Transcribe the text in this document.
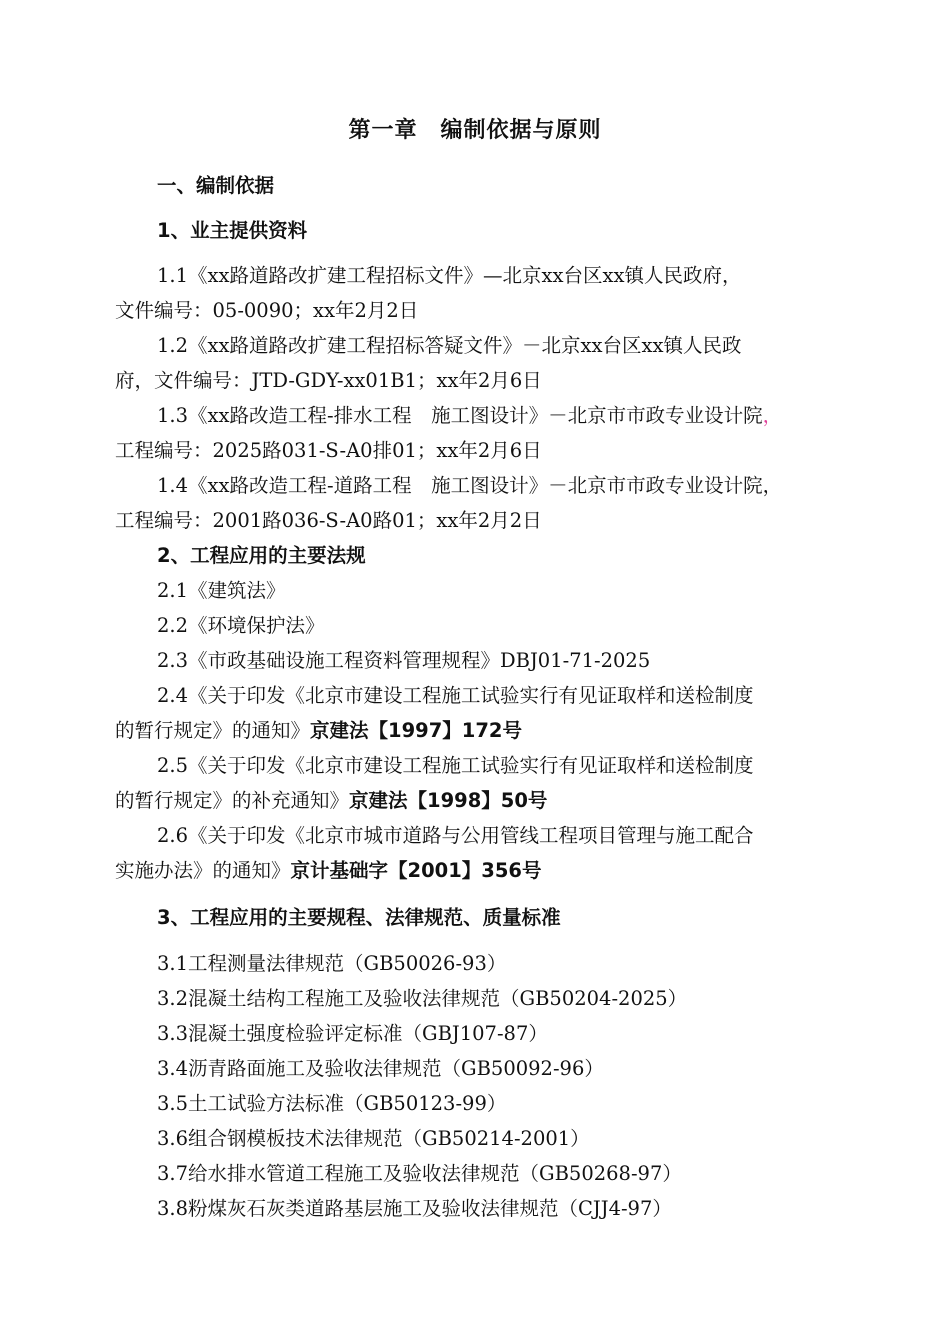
第一章　编制依据与原则
一、编制依据
1、业主提供资料
1.1《xx路道路改扩建工程招标文件》—北京xx台区xx镇人民政府，
文件编号：05-0090；xx年2月2日
1.2《xx路道路改扩建工程招标答疑文件》－北京xx台区xx镇人民政
府，文件编号：JTD-GDY-xx01B1；xx年2月6日
1.3《xx路改造工程-排水工程　施工图设计》－北京市市政专业设计院，
工程编号：2025路031-S-A0排01；xx年2月6日
1.4《xx路改造工程-道路工程　施工图设计》－北京市市政专业设计院，
工程编号：2001路036-S-A0路01；xx年2月2日
2、工程应用的主要法规
2.1《建筑法》
2.2《环境保护法》
2.3《市政基础设施工程资料管理规程》DBJ01-71-2025
2.4《关于印发《北京市建设工程施工试验实行有见证取样和送检制度
的暂行规定》的通知》京建法【1997】172号
2.5《关于印发《北京市建设工程施工试验实行有见证取样和送检制度
的暂行规定》的补充通知》京建法【1998】50号
2.6《关于印发《北京市城市道路与公用管线工程项目管理与施工配合
实施办法》的通知》京计基础字【2001】356号
3、工程应用的主要规程、法律规范、质量标准
3.1工程测量法律规范（GB50026-93）
3.2混凝土结构工程施工及验收法律规范（GB50204-2025）
3.3混凝土强度检验评定标准（GBJ107-87）
3.4沥青路面施工及验收法律规范（GB50092-96）
3.5土工试验方法标准（GB50123-99）
3.6组合钢模板技术法律规范（GB50214-2001）
3.7给水排水管道工程施工及验收法律规范（GB50268-97）
3.8粉煤灰石灰类道路基层施工及验收法律规范（CJJ4-97）
